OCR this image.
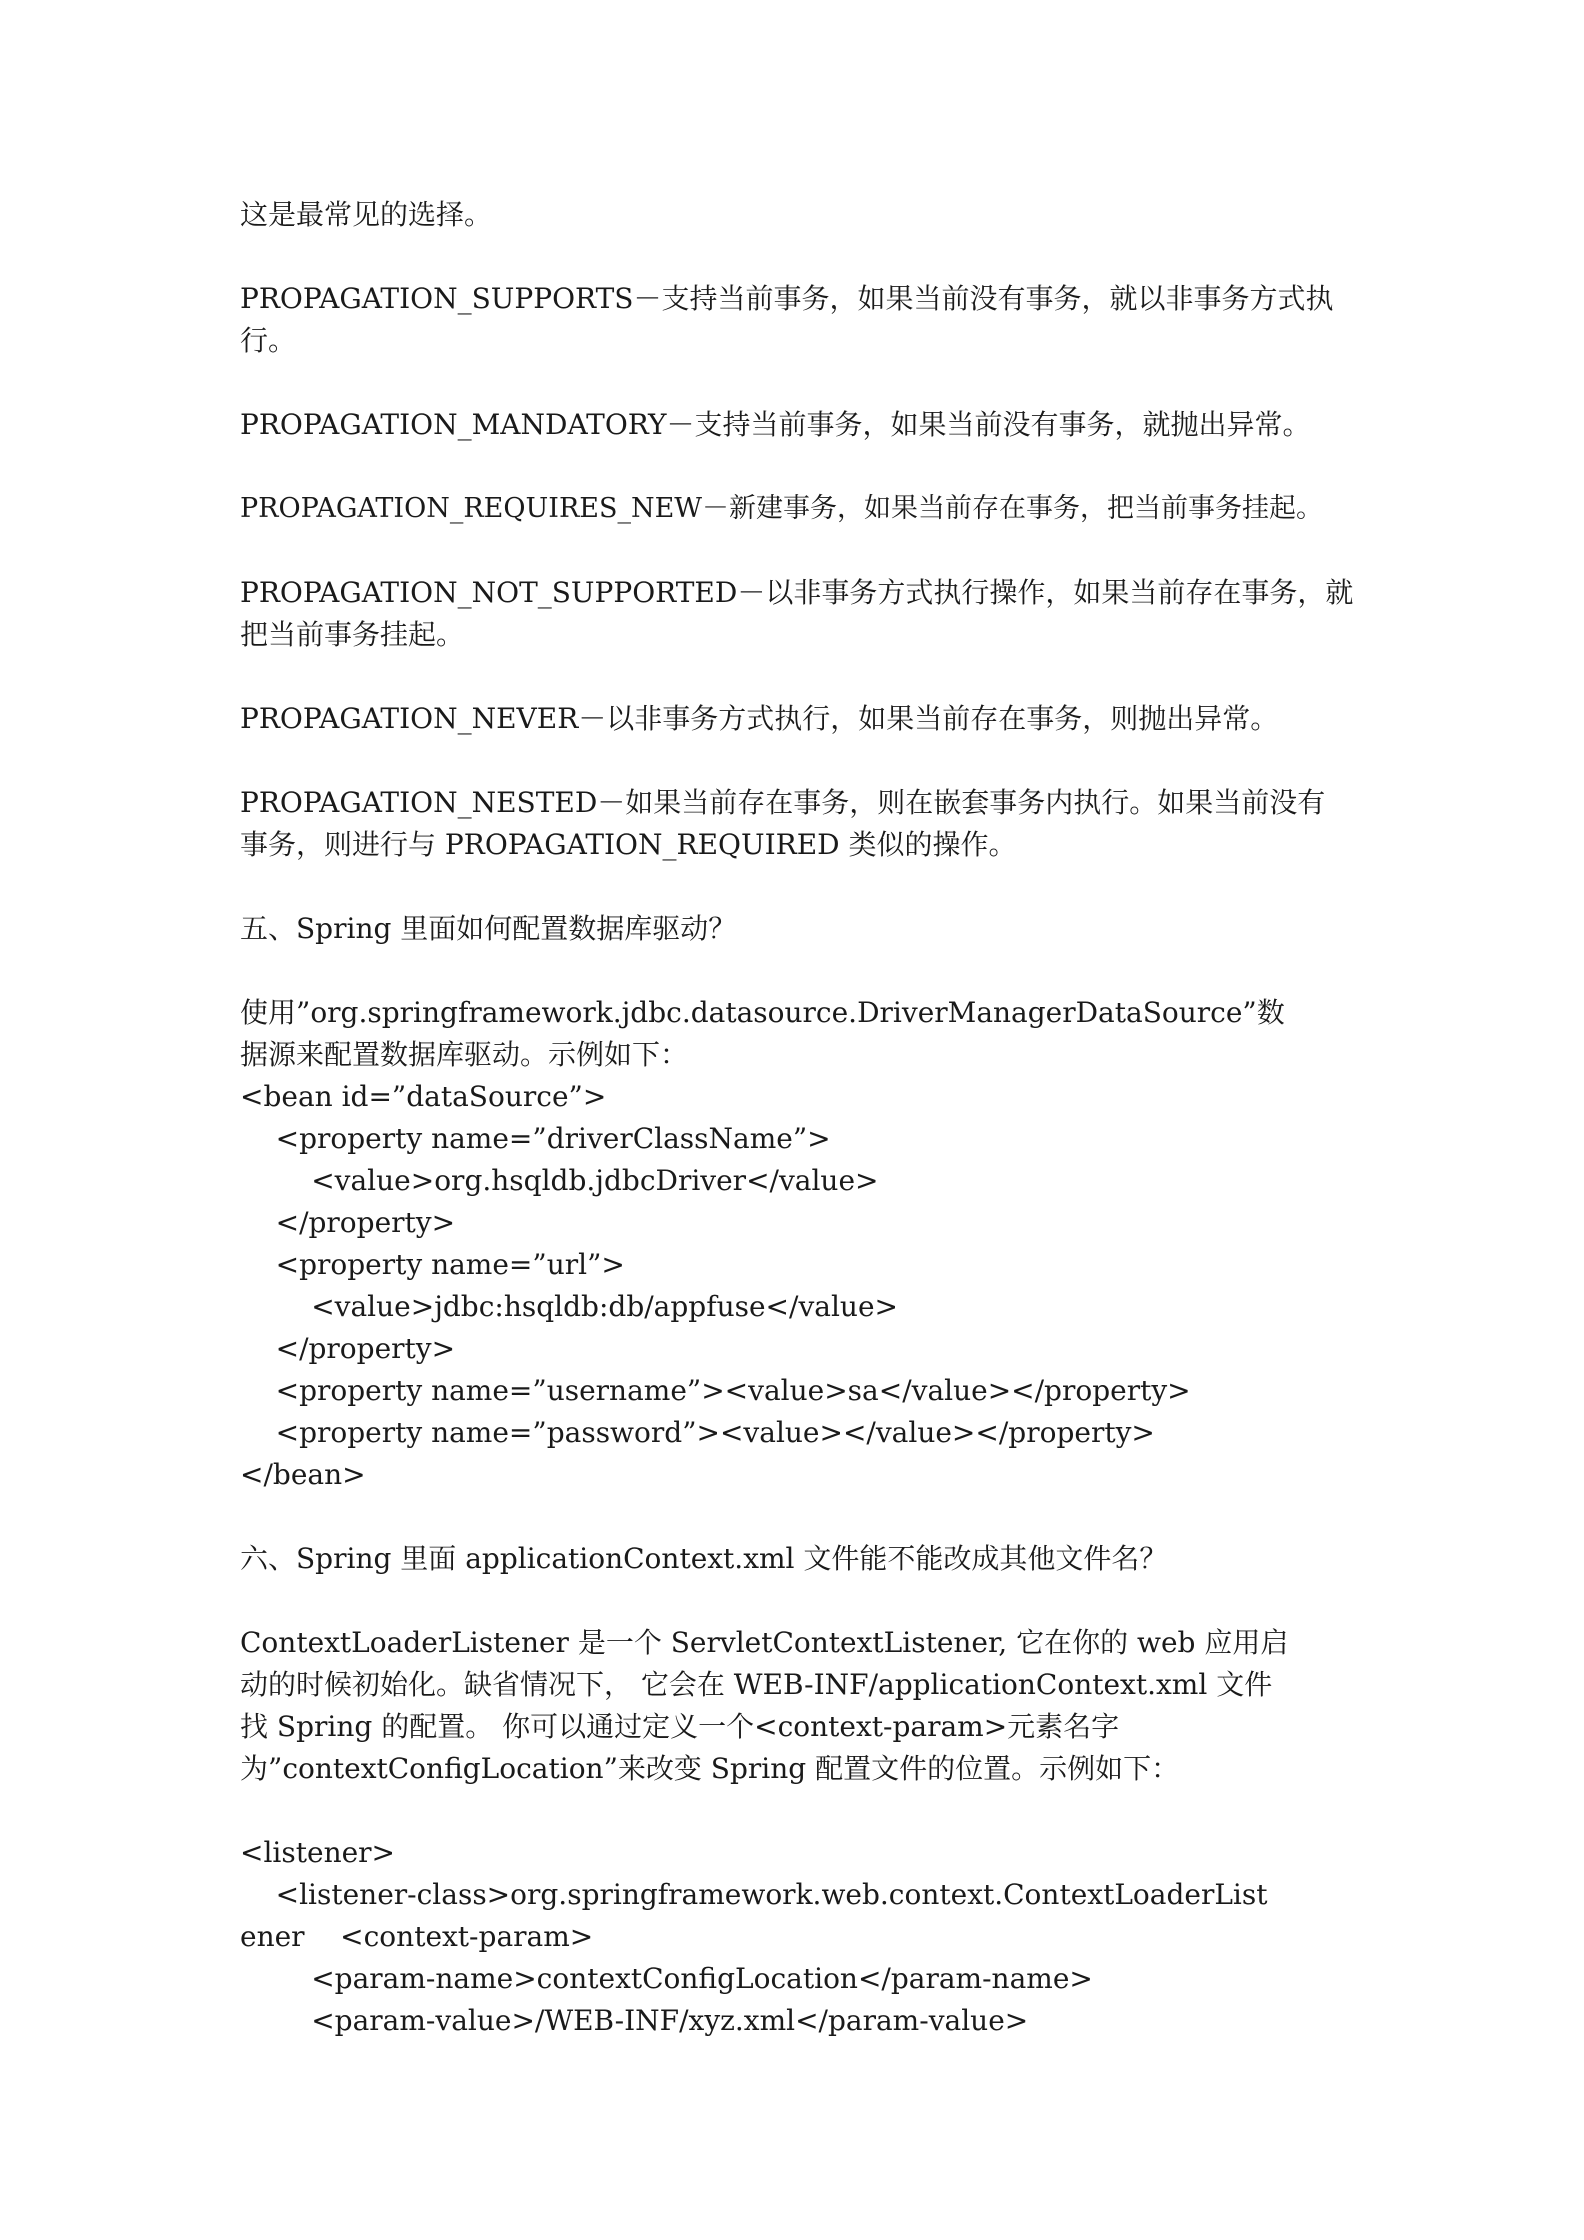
这是最常见的选择。
PROPAGATION_SUPPORTS－支持当前事务，如果当前没有事务，就以非事务方式执
行。
PROPAGATION_MANDATORY－支持当前事务，如果当前没有事务，就抛出异常。
PROPAGATION_REQUIRES_NEW－新建事务，如果当前存在事务，把当前事务挂起。
PROPAGATION_NOT_SUPPORTED－以非事务方式执行操作，如果当前存在事务，就
把当前事务挂起。
PROPAGATION_NEVER－以非事务方式执行，如果当前存在事务，则抛出异常。
PROPAGATION_NESTED－如果当前存在事务，则在嵌套事务内执行。如果当前没有
事务，则进行与 PROPAGATION_REQUIRED 类似的操作。
五、Spring 里面如何配置数据库驱动？
使用”org.springframework.jdbc.datasource.DriverManagerDataSource”数
据源来配置数据库驱动。示例如下：
<bean id=”dataSource”>
<property name=”driverClassName”>
<value>org.hsqldb.jdbcDriver</value>
</property>
<property name=”url”>
<value>jdbc:hsqldb:db/appfuse</value>
</property>
<property name=”username”><value>sa</value></property>
<property name=”password”><value></value></property>
</bean>
六、Spring 里面 applicationContext.xml 文件能不能改成其他文件名？
ContextLoaderListener 是一个 ServletContextListener, 它在你的 web 应用启
动的时候初始化。缺省情况下， 它会在 WEB-INF/applicationContext.xml 文件
找 Spring 的配置。 你可以通过定义一个<context-param>元素名字
为”contextConfigLocation”来改变 Spring 配置文件的位置。示例如下：
<listener>
<listener-class>org.springframework.web.context.ContextLoaderList
ener    <context-param>
<param-name>contextConfigLocation</param-name>
<param-value>/WEB-INF/xyz.xml</param-value>
